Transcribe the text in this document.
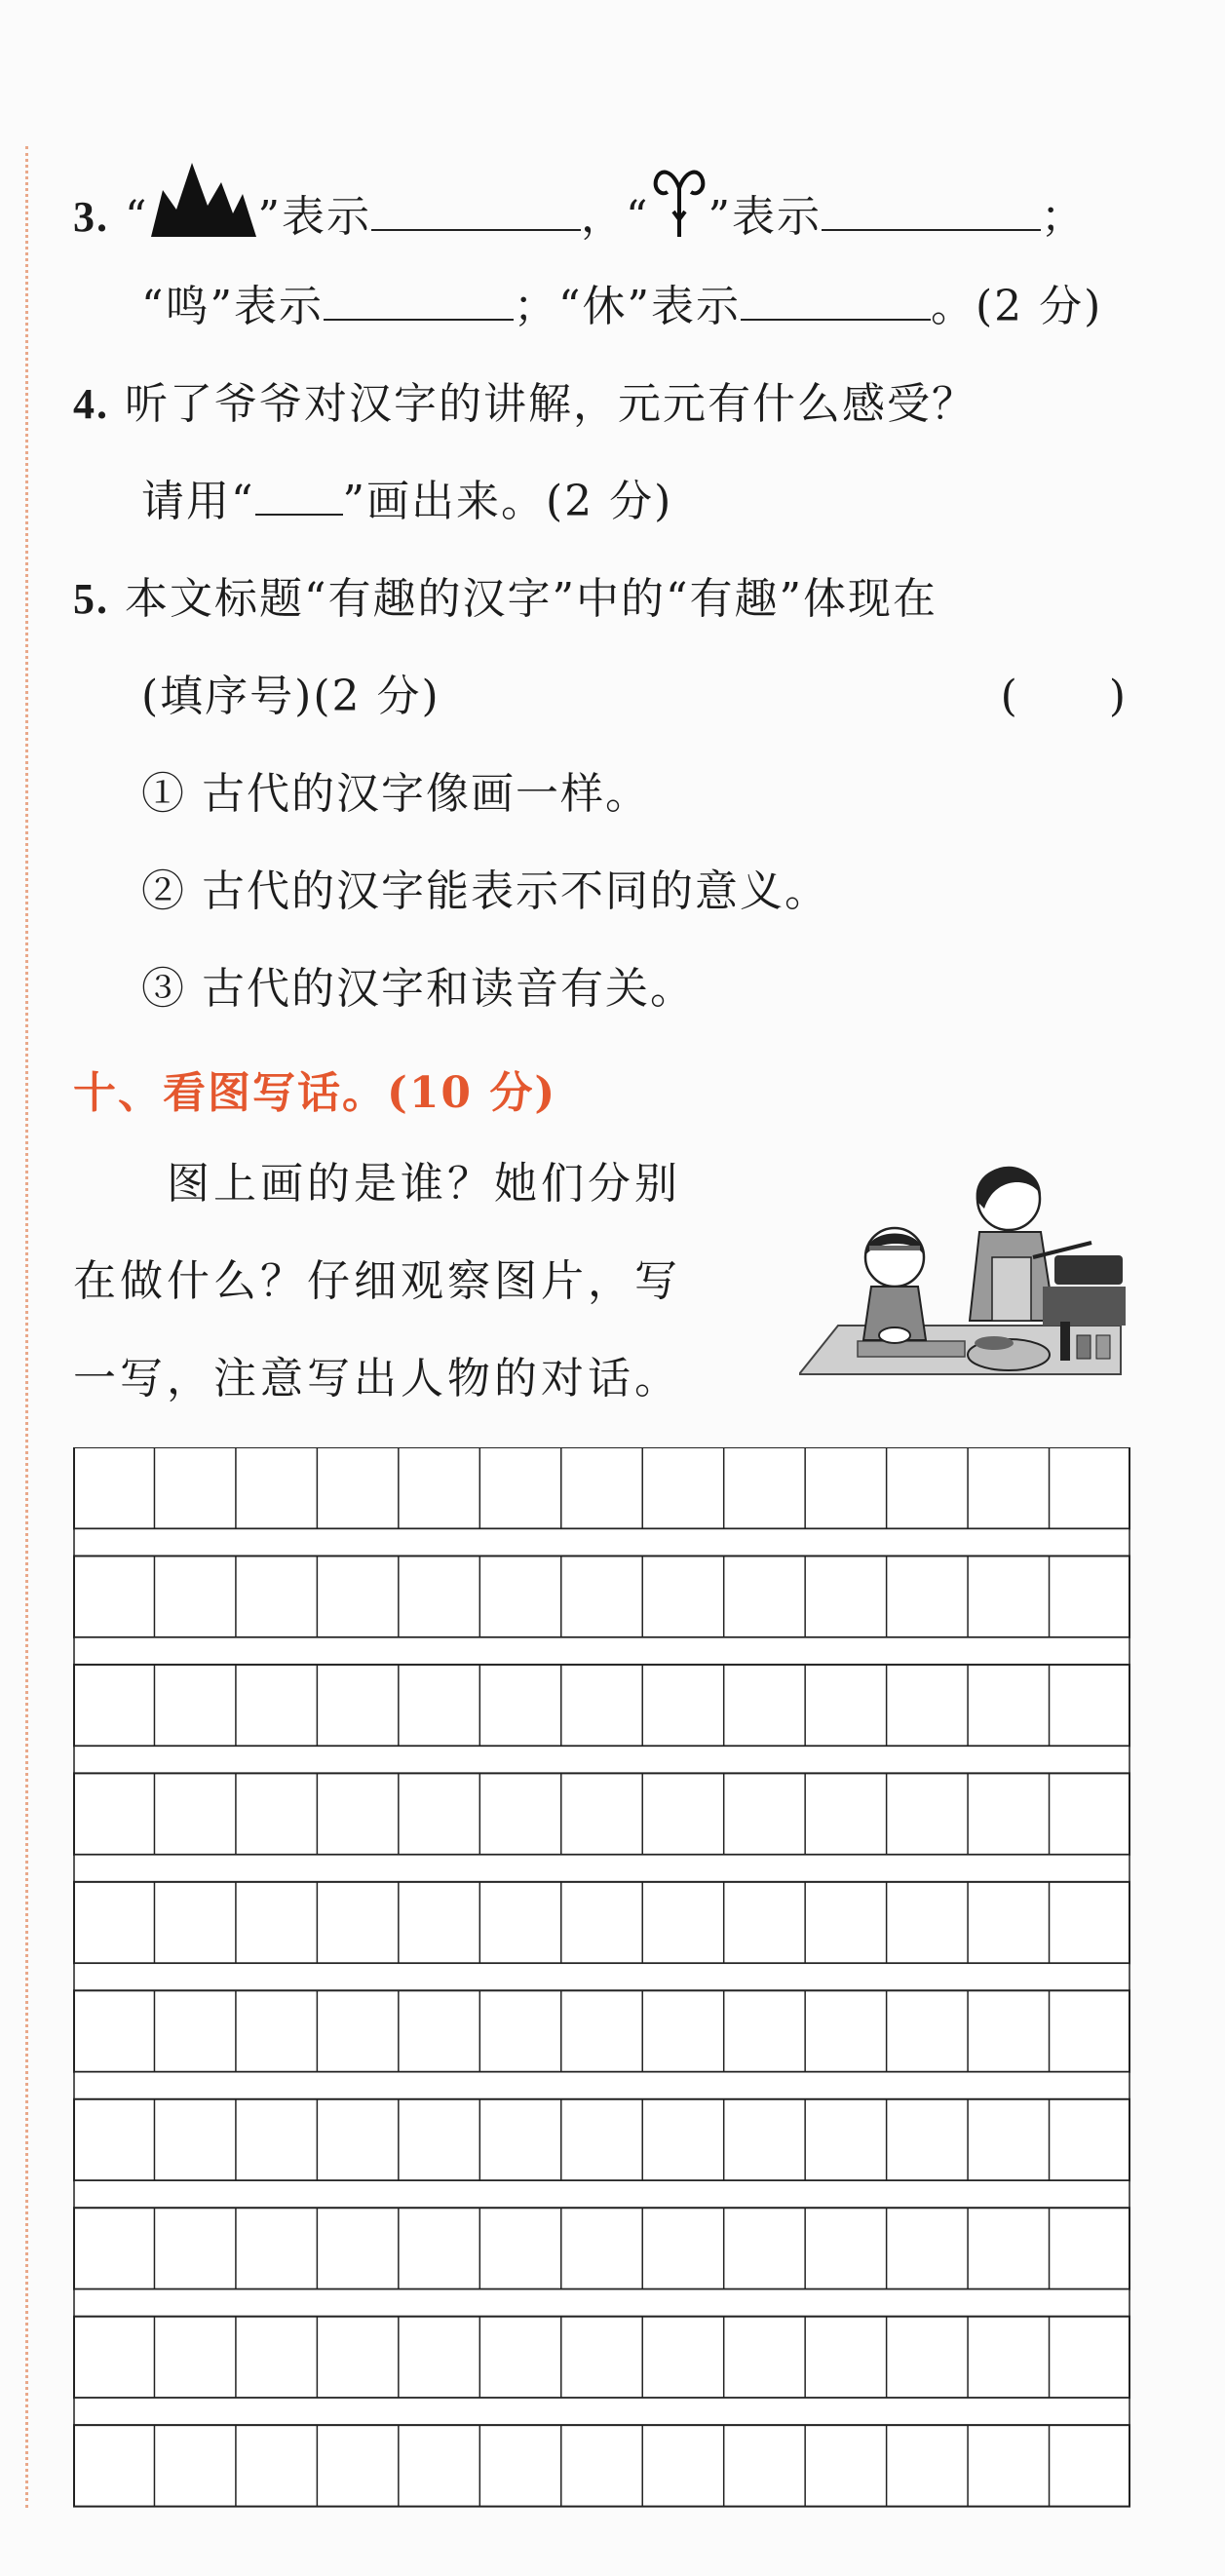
3. “	”表示	，“ ”表示	；
“鸣”表示	；“休”表示	。(2 分)
4. 听了爷爷对汉字的讲解，元元有什么感受？
请用“ ”画出来。(2 分)
5. 本文标题“有趣的汉字”中的“有趣”体现在
(填序号)(2 分)	(　　)
① 古代的汉字像画一样。
② 古代的汉字能表示不同的意义。
③ 古代的汉字和读音有关。
十、看图写话。(10 分)
　　图上画的是谁？她们分别
在做什么？仔细观察图片，写
一写，注意写出人物的对话。
